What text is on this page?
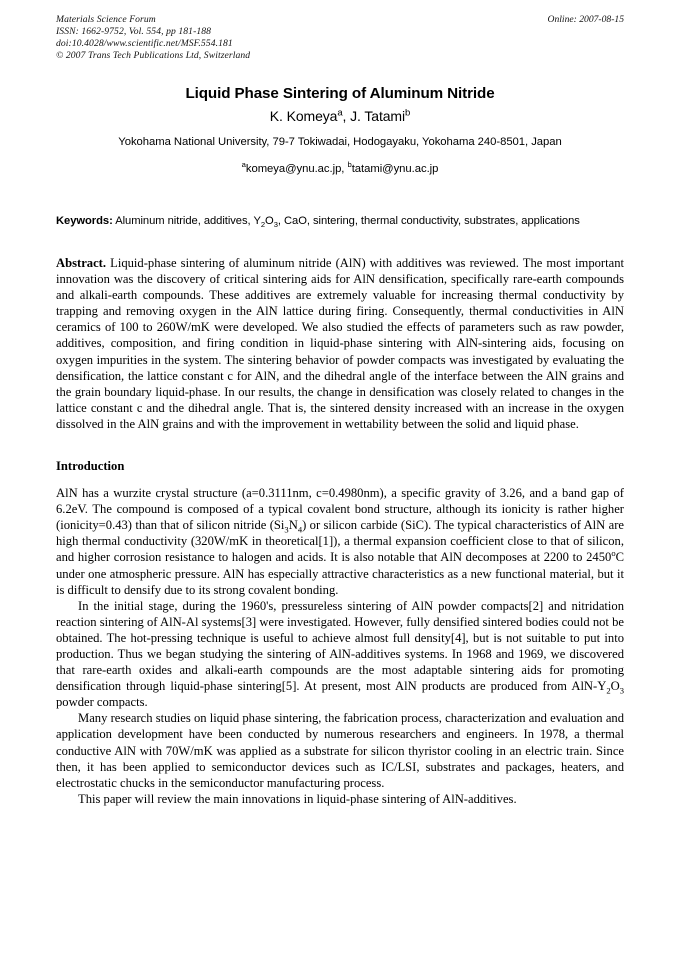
Materials Science Forum
ISSN: 1662-9752, Vol. 554, pp 181-188
doi:10.4028/www.scientific.net/MSF.554.181
© 2007 Trans Tech Publications Ltd, Switzerland
Online: 2007-08-15
Liquid Phase Sintering of Aluminum Nitride

K. Komeya$^a$, J. Tatami$^b$

Yokohama National University, 79-7 Tokiwadai, Hodogayaku, Yokohama 240-8501, Japan

$^a$komeya@ynu.ac.jp, $^b$tatami@ynu.ac.jp

Keywords: Aluminum nitride, additives, $Y_2O_3$, CaO, sintering, thermal conductivity, substrates, applications

Abstract. Liquid-phase sintering of aluminum nitride (AlN) with additives was reviewed. The most important innovation was the discovery of critical sintering aids for AlN densification, specifically rare-earth compounds and alkali-earth compounds. These additives are extremely valuable for increasing thermal conductivity by trapping and removing oxygen in the AlN lattice during firing. Consequently, thermal conductivities in AlN ceramics of 100 to 260W/mK were developed. We also studied the effects of parameters such as raw powder, additives, composition, and firing condition in liquid-phase sintering with AlN-sintering aids, focusing on oxygen impurities in the system. The sintering behavior of powder compacts was investigated by evaluating the densification, the lattice constant c for AlN, and the dihedral angle of the interface between the AlN grains and the grain boundary liquid-phase. In our results, the change in densification was closely related to changes in the lattice constant c and the dihedral angle. That is, the sintered density increased with an increase in the oxygen dissolved in the AlN grains and with the improvement in wettability between the solid and liquid phase.

Introduction

AlN has a wurzite crystal structure (a=0.3111nm, c=0.4980nm), a specific gravity of 3.26, and a band gap of 6.2eV. The compound is composed of a typical covalent bond structure, although its ionicity is rather higher (ionicity=0.43) than that of silicon nitride $(Si_3N_4)$ or silicon carbide (SiC). The typical characteristics of AlN are high thermal conductivity (320W/mK in theoretical[1]), a thermal expansion coefficient close to that of silicon, and higher corrosion resistance to halogen and acids. It is also notable that AlN decomposes at 2200 to 2450$^o$C under one atmospheric pressure. AlN has especially attractive characteristics as a new functional material, but it is difficult to densify due to its strong covalent bonding.

In the initial stage, during the 1960's, pressureless sintering of AlN powder compacts[2] and nitridation reaction sintering of AlN-Al systems[3] were investigated. However, fully densified sintered bodies could not be obtained. The hot-pressing technique is useful to achieve almost full density[4], but is not suitable to put into production. Thus we began studying the sintering of AlN-additives systems. In 1968 and 1969, we discovered that rare-earth oxides and alkali-earth compounds are the most adaptable sintering aids for promoting densification through liquid-phase sintering[5]. At present, most AlN products are produced from AlN-$Y_2O_3$ powder compacts.

Many research studies on liquid phase sintering, the fabrication process, characterization and evaluation and application development have been conducted by numerous researchers and engineers. In 1978, a thermal conductive AlN with 70W/mK was applied as a substrate for silicon thyristor cooling in an electric train. Since then, it has been applied to semiconductor devices such as IC/LSI, substrates and packages, heaters, and electrostatic chucks in the semiconductor manufacturing process.

This paper will review the main innovations in liquid-phase sintering of AlN-additives.
